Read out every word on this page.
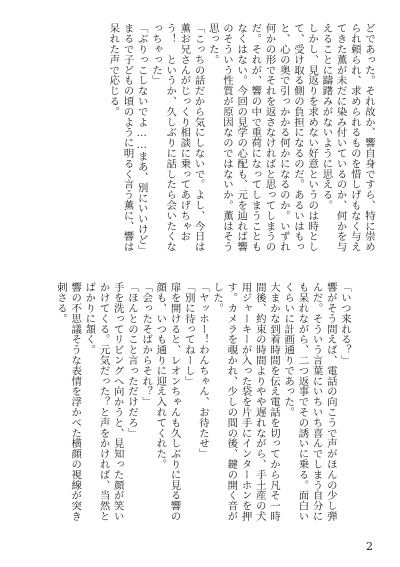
どであった。それ故か、響自身ですら、特に崇められ頼られ、求められるものを惜しげもなく与えてきた薫が未だに染み付いているのか、何かを与えることに躊躇みがないように思える。
しかし、見返りを求めない好意というのは時として、受け取る側の負担になるのだ。あるいはもっと、心の奥で引っかかる何かになるのか。いずれ何かの形でそれを返さなければと思ってしまうのだ。それが、響の中で重荷になってしまうこともなくはない。今回の見学の心配も、元を辿れば響のそういう性質が原因なのではないか。薫はそう思った。
「こっちの話だから気にしないで。よし、今日は薫お兄さんがじっくり相談に乗ってあげちゃおう！　というか、久しぶりに話したら会いたくなっちゃった」
「ぶりっこしないでよ……まあ、別にいいけど」
まるで子どもの頃のように明るく言う薫に、響は呆れた声で応じる。
「いつ来れる？」
響がそう問えば、電話の向こうで声がほんの少し弾んだ。そういう言葉にいちいち喜んでしまう自分にも呆れながら、二つ返事でその誘いに乗る。面白いくらいに計画通りであった。
大まかな到着時間を伝え電話を切ってから凡そ一時間後、約束の時間よりやや遅れながら、手土産の犬用ジャーキーが入った袋を片手にインターホンを押す。カメラを覗かれ、少しの間の後、鍵の開く音がした。
「ヤッホー！わんちゃん、お待たせ」
「別に待ってねーし」
扉を開けると、レオンちゃんも久しぶりに見る響の顔も、いつも通りに迎え入れてくれた。
「会ったそばからそれ？」
「ほんとのこと言っただけだろ」
手を洗ってリビングへ向かうと、見知った顔が笑いかけてくる。元気だった？と声をかければ、当然とばかりに頷く。
響の不思議そうな表情を浮かべた横顔の視線が突き刺さる。
2
